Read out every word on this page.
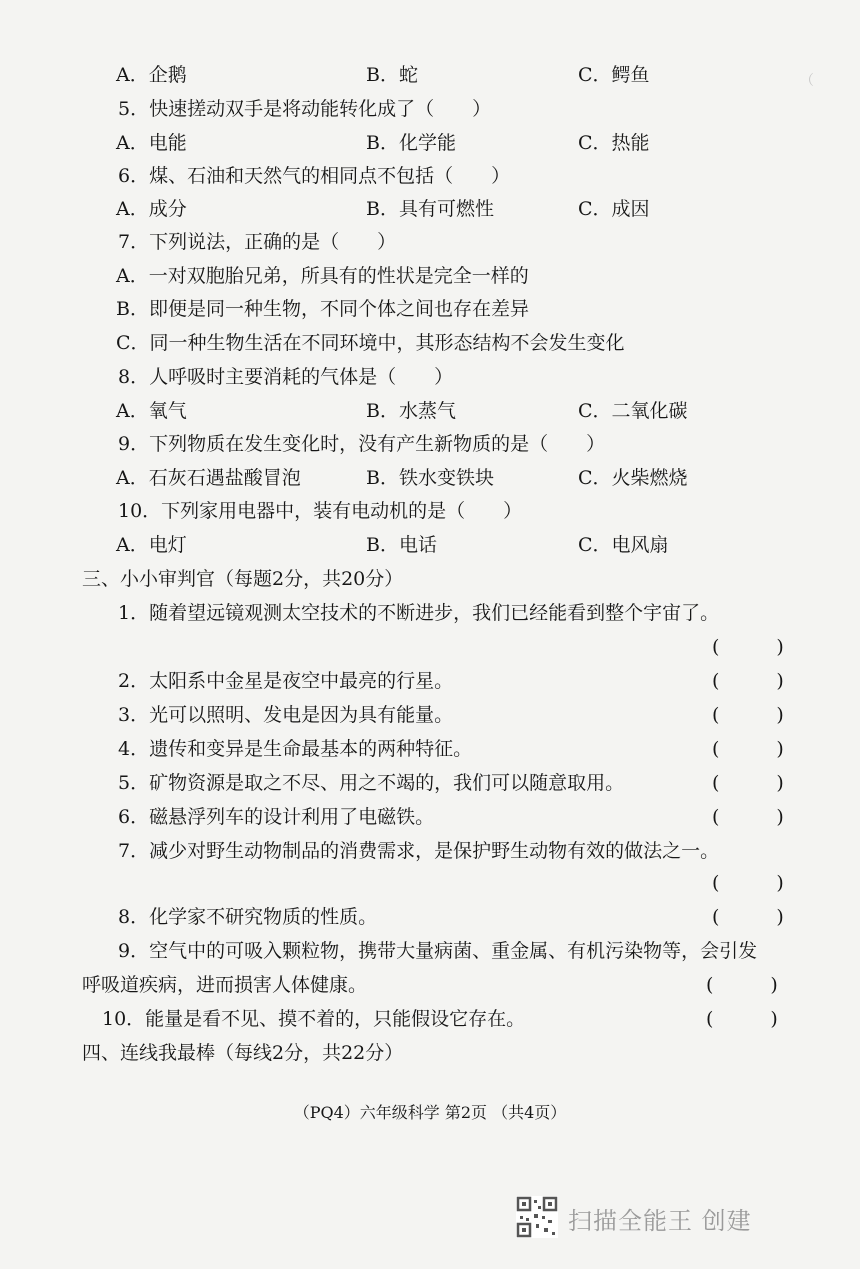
（
A．企鹅	B．蛇	C．鳄鱼
5．快速搓动双手是将动能转化成了（　　）
A．电能	B．化学能	C．热能
6．煤、石油和天然气的相同点不包括（　　）
A．成分	B．具有可燃性	C．成因
7．下列说法，正确的是（　　）
A．一对双胞胎兄弟，所具有的性状是完全一样的
B．即便是同一种生物，不同个体之间也存在差异
C．同一种生物生活在不同环境中，其形态结构不会发生变化
8．人呼吸时主要消耗的气体是（　　）
A．氧气	B．水蒸气	C．二氧化碳
9．下列物质在发生变化时，没有产生新物质的是（　　）
A．石灰石遇盐酸冒泡	B．铁水变铁块	C．火柴燃烧
10．下列家用电器中，装有电动机的是（　　）
A．电灯	B．电话	C．电风扇
三、小小审判官（每题2分，共20分）
1．随着望远镜观测太空技术的不断进步，我们已经能看到整个宇宙了。
(　　　)
2．太阳系中金星是夜空中最亮的行星。	(　　　)
3．光可以照明、发电是因为具有能量。	(　　　)
4．遗传和变异是生命最基本的两种特征。	(　　　)
5．矿物资源是取之不尽、用之不竭的，我们可以随意取用。	(　　　)
6．磁悬浮列车的设计利用了电磁铁。	(　　　)
7．减少对野生动物制品的消费需求，是保护野生动物有效的做法之一。
(　　　)
8．化学家不研究物质的性质。	(　　　)
9．空气中的可吸入颗粒物，携带大量病菌、重金属、有机污染物等，会引发
呼吸道疾病，进而损害人体健康。	(　　　)
10．能量是看不见、摸不着的，只能假设它存在。	(　　　)
四、连线我最棒（每线2分，共22分）
（PQ4）六年级科学 第2页 （共4页）
扫描全能王 创建
